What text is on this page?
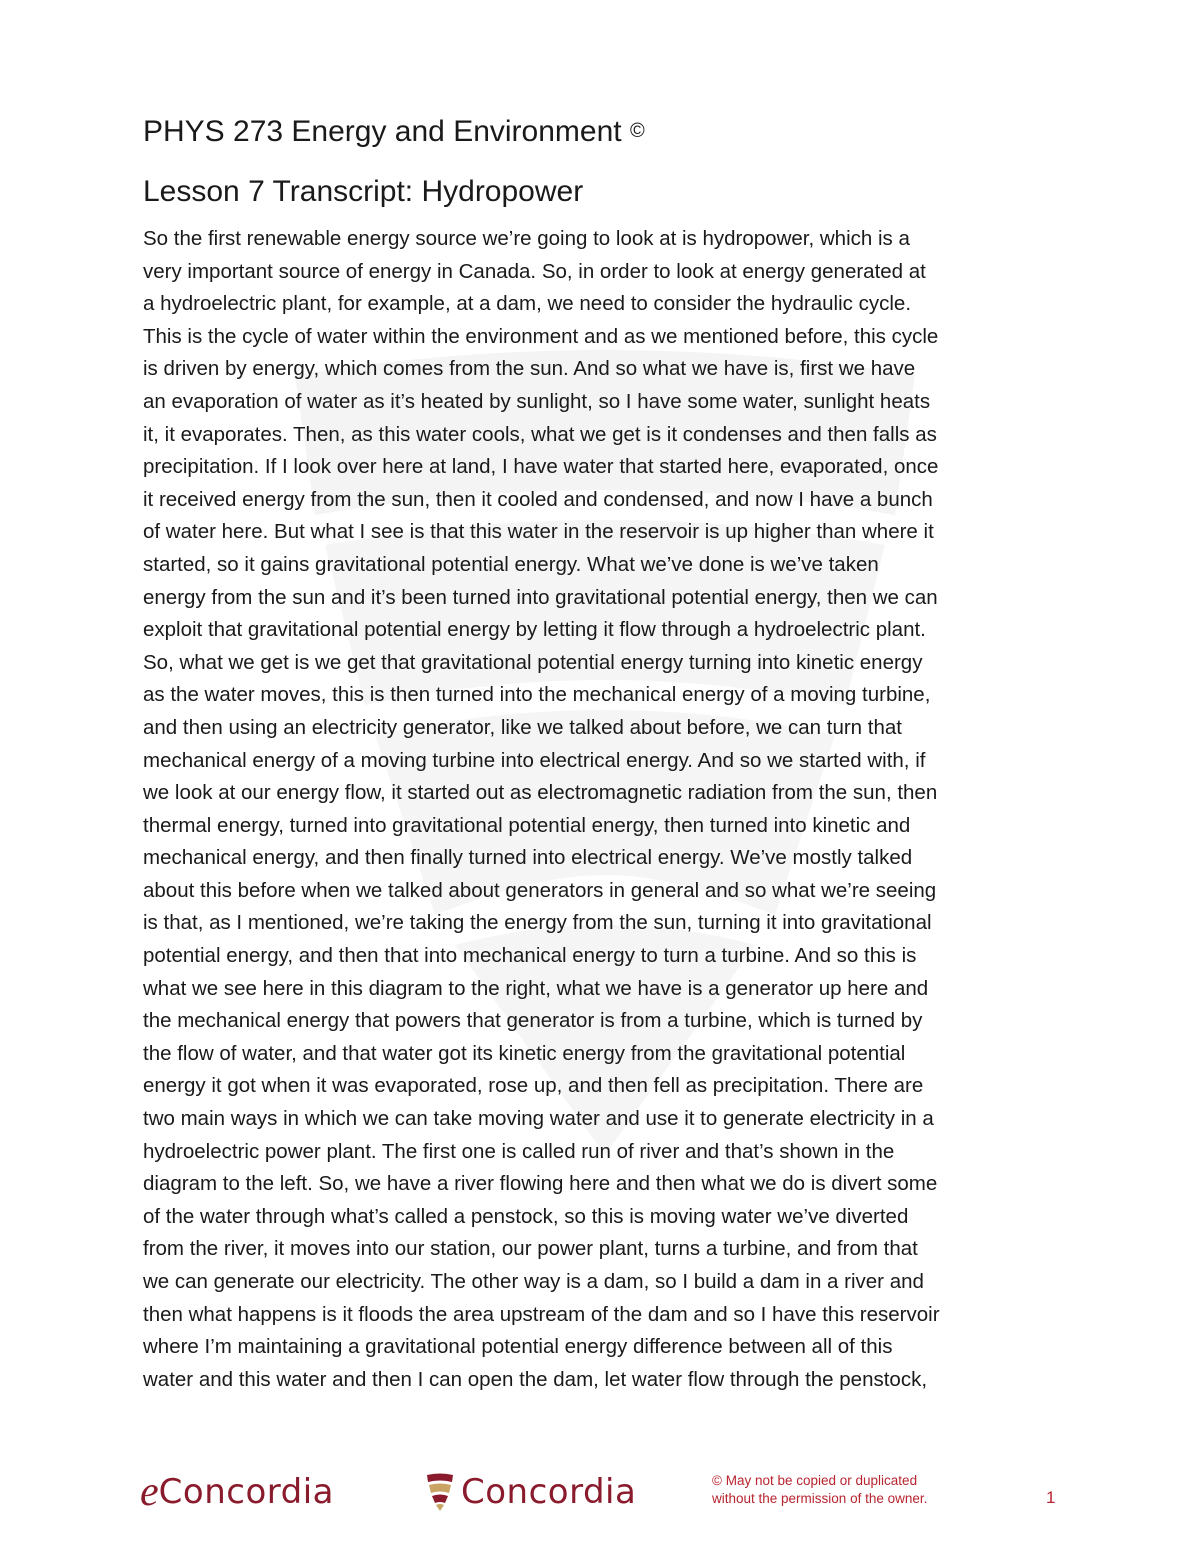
PHYS 273 Energy and Environment ©
Lesson 7 Transcript: Hydropower
So the first renewable energy source we’re going to look at is hydropower, which is a
very important source of energy in Canada. So, in order to look at energy generated at
a hydroelectric plant, for example, at a dam, we need to consider the hydraulic cycle.
This is the cycle of water within the environment and as we mentioned before, this cycle
is driven by energy, which comes from the sun. And so what we have is, first we have
an evaporation of water as it’s heated by sunlight, so I have some water, sunlight heats
it, it evaporates. Then, as this water cools, what we get is it condenses and then falls as
precipitation. If I look over here at land, I have water that started here, evaporated, once
it received energy from the sun, then it cooled and condensed, and now I have a bunch
of water here. But what I see is that this water in the reservoir is up higher than where it
started, so it gains gravitational potential energy. What we’ve done is we’ve taken
energy from the sun and it’s been turned into gravitational potential energy, then we can
exploit that gravitational potential energy by letting it flow through a hydroelectric plant.
So, what we get is we get that gravitational potential energy turning into kinetic energy
as the water moves, this is then turned into the mechanical energy of a moving turbine,
and then using an electricity generator, like we talked about before, we can turn that
mechanical energy of a moving turbine into electrical energy. And so we started with, if
we look at our energy flow, it started out as electromagnetic radiation from the sun, then
thermal energy, turned into gravitational potential energy, then turned into kinetic and
mechanical energy, and then finally turned into electrical energy. We’ve mostly talked
about this before when we talked about generators in general and so what we’re seeing
is that, as I mentioned, we’re taking the energy from the sun, turning it into gravitational
potential energy, and then that into mechanical energy to turn a turbine. And so this is
what we see here in this diagram to the right, what we have is a generator up here and
the mechanical energy that powers that generator is from a turbine, which is turned by
the flow of water, and that water got its kinetic energy from the gravitational potential
energy it got when it was evaporated, rose up, and then fell as precipitation. There are
two main ways in which we can take moving water and use it to generate electricity in a
hydroelectric power plant. The first one is called run of river and that’s shown in the
diagram to the left. So, we have a river flowing here and then what we do is divert some
of the water through what’s called a penstock, so this is moving water we’ve diverted
from the river, it moves into our station, our power plant, turns a turbine, and from that
we can generate our electricity. The other way is a dam, so I build a dam in a river and
then what happens is it floods the area upstream of the dam and so I have this reservoir
where I’m maintaining a gravitational potential energy difference between all of this
water and this water and then I can open the dam, let water flow through the penstock,
e Concordia	Concordia	© May not be copied or duplicated
without the permission of the owner.	1
